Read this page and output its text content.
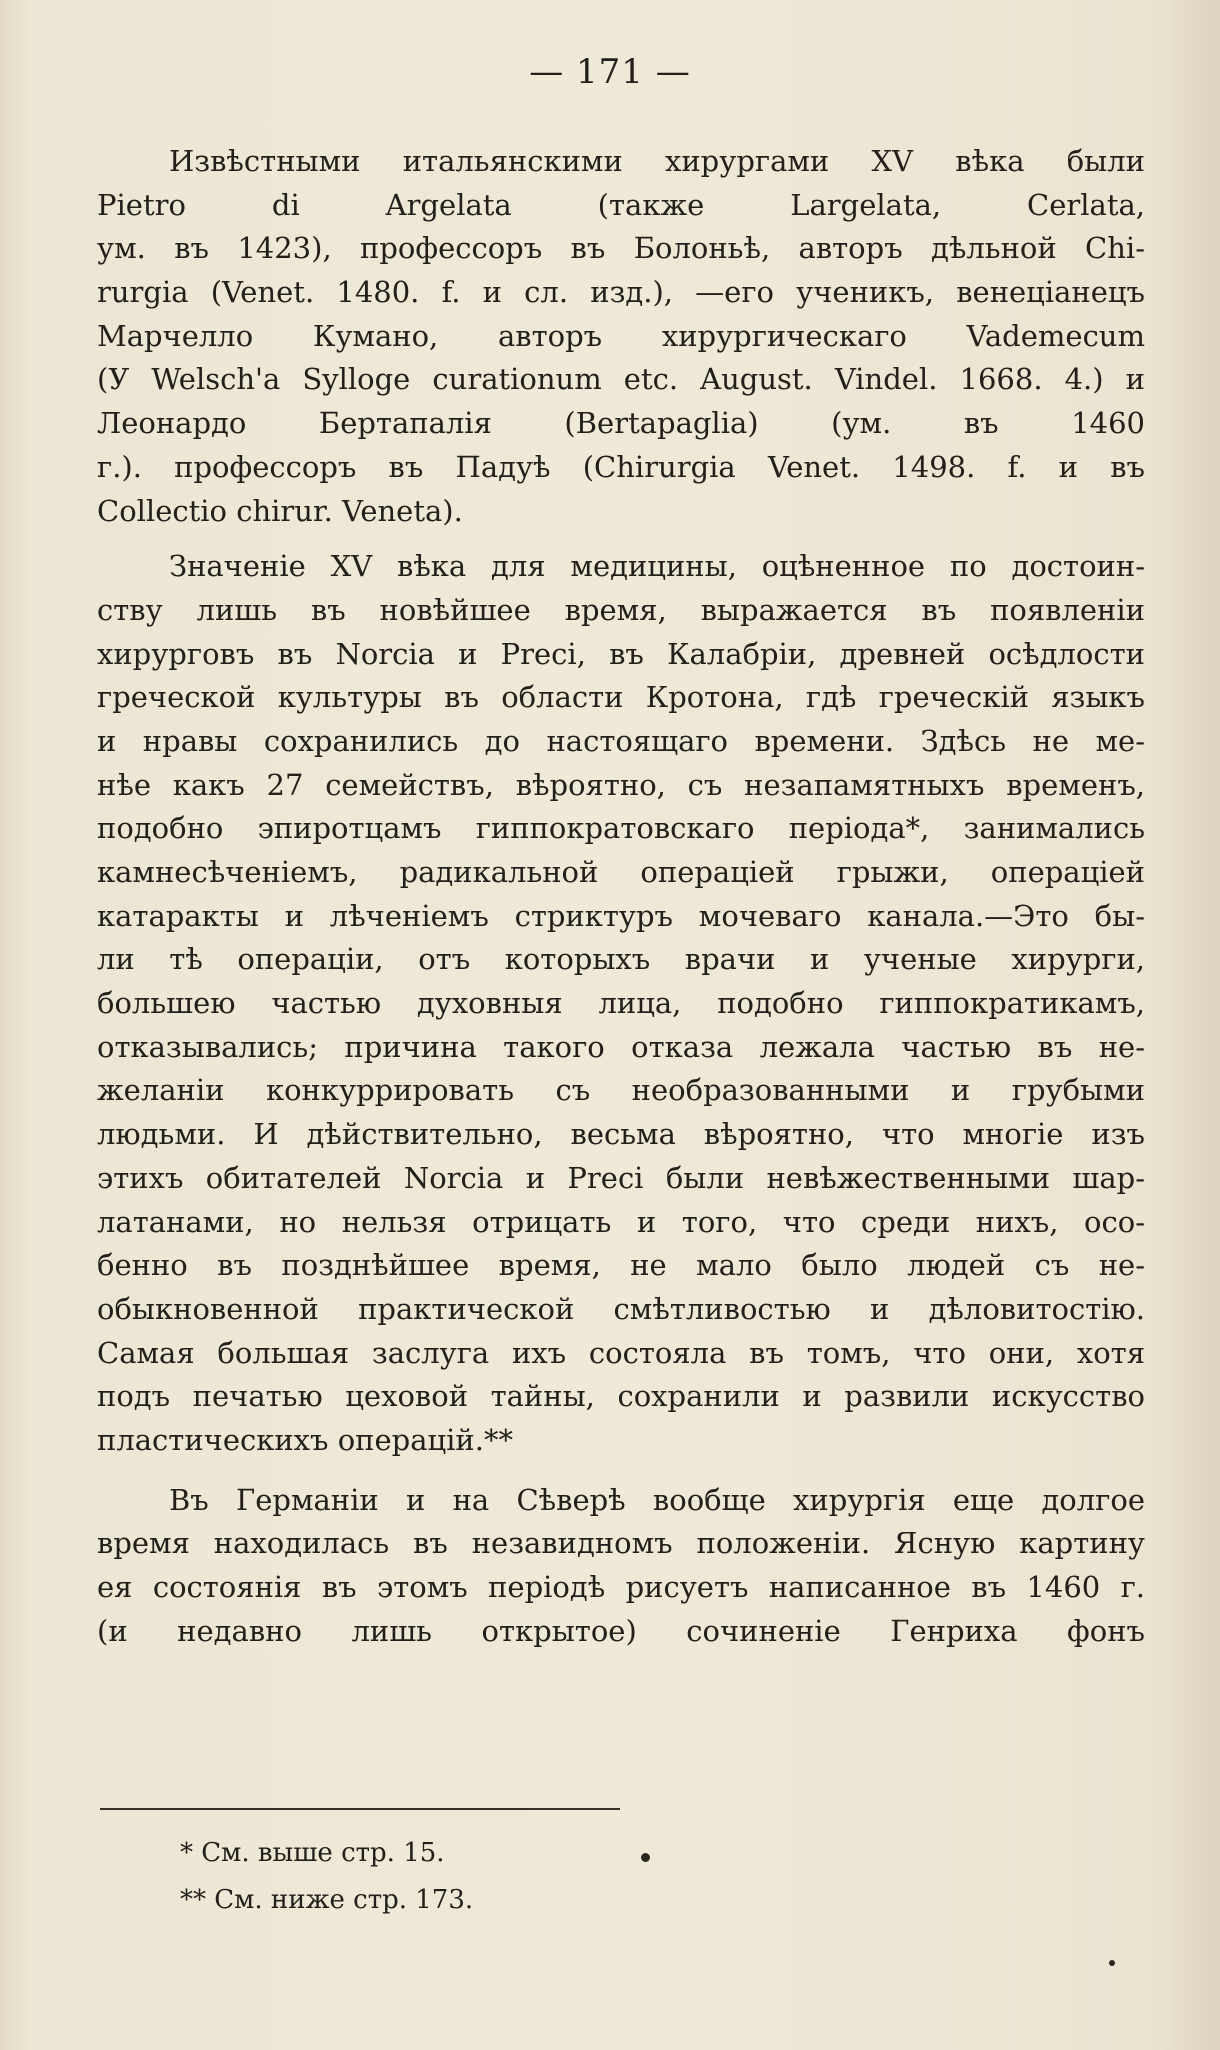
— 171 —
Извѣстными итальянскими хирургами XV вѣка были
Pietro di Argelata (также Largelata, Cerlata,
ум. въ 1423), профессоръ въ Болоньѣ, авторъ дѣльной Chi-
rurgia (Venet. 1480. f. и сл. изд.), —его ученикъ, венеціанецъ
Марчелло Кумано, авторъ хирургическаго Vademecum
(У Welsch'a Sylloge curationum etc. August. Vindel. 1668. 4.) и
Леонардо Бертапалія (Bertapaglia) (ум. въ 1460
г.). профессоръ въ Падуѣ (Chirurgia Venet. 1498. f. и въ
Collectio chirur. Veneta).
Значеніе XV вѣка для медицины, оцѣненное по достоин-
ству лишь въ новѣйшее время, выражается въ появленіи
хирурговъ въ Norcia и Preci, въ Калабріи, древней осѣдлости
греческой культуры въ области Кротона, гдѣ греческій языкъ
и нравы сохранились до настоящаго времени. Здѣсь не ме-
нѣе какъ 27 семействъ, вѣроятно, съ незапамятныхъ временъ,
подобно эпиротцамъ гиппократовскаго періода*, занимались
камнесѣченіемъ, радикальной операціей грыжи, операціей
катаракты и лѣченіемъ стриктуръ мочеваго канала.—Это бы-
ли тѣ операціи, отъ которыхъ врачи и ученые хирурги,
большею частью духовныя лица, подобно гиппократикамъ,
отказывались; причина такого отказа лежала частью въ не-
желаніи конкуррировать съ необразованными и грубыми
людьми. И дѣйствительно, весьма вѣроятно, что многіе изъ
этихъ обитателей Norcia и Preci были невѣжественными шар-
латанами, но нельзя отрицать и того, что среди нихъ, осо-
бенно въ позднѣйшее время, не мало было людей съ не-
обыкновенной практической смѣтливостью и дѣловитостію.
Самая большая заслуга ихъ состояла въ томъ, что они, хотя
подъ печатью цеховой тайны, сохранили и развили искусство
пластическихъ операцій.**
Въ Германіи и на Сѣверѣ вообще хирургія еще долгое
время находилась въ незавидномъ положеніи. Ясную картину
ея состоянія въ этомъ періодѣ рисуетъ написанное въ 1460 г.
(и недавно лишь открытое) сочиненіе Генриха фонъ
* См. выше стр. 15.
** См. ниже стр. 173.
